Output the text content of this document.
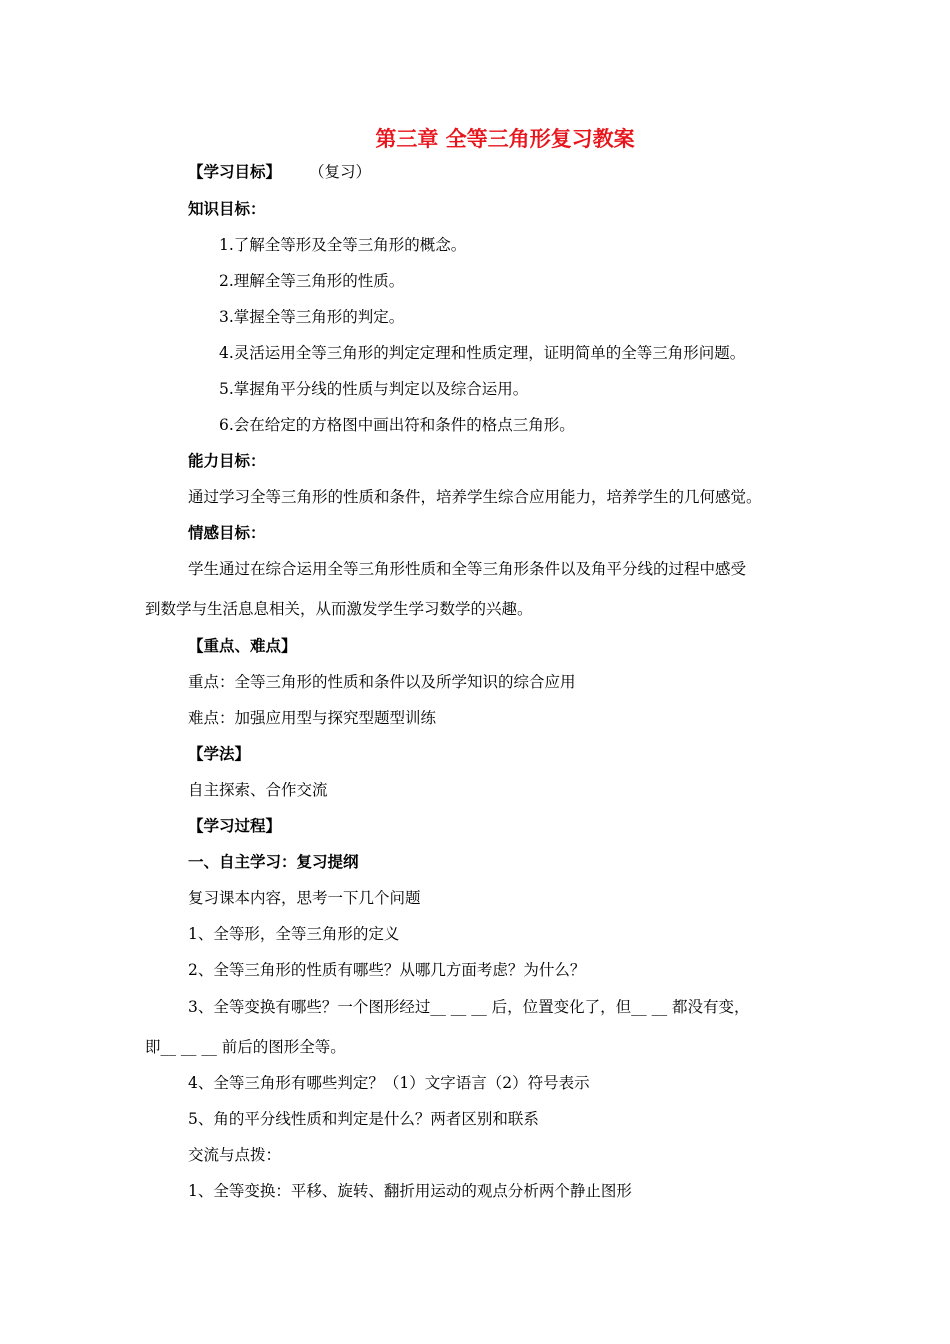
第三章 全等三角形复习教案
【学习目标】 （复习）
知识目标：
1.了解全等形及全等三角形的概念。
2.理解全等三角形的性质。
3.掌握全等三角形的判定。
4.灵活运用全等三角形的判定定理和性质定理，证明简单的全等三角形问题。
5.掌握角平分线的性质与判定以及综合运用。
6.会在给定的方格图中画出符和条件的格点三角形。
能力目标：
通过学习全等三角形的性质和条件，培养学生综合应用能力，培养学生的几何感觉。
情感目标：
学生通过在综合运用全等三角形性质和全等三角形条件以及角平分线的过程中感受
到数学与生活息息相关，从而激发学生学习数学的兴趣。
【重点、难点】
重点：全等三角形的性质和条件以及所学知识的综合应用
难点：加强应用型与探究型题型训练
【学法】
自主探索、合作交流
【学习过程】
一、自主学习：复习提纲
复习课本内容，思考一下几个问题
1、全等形，全等三角形的定义
2、全等三角形的性质有哪些？从哪几方面考虑？为什么？
3、全等变换有哪些？一个图形经过__ __ __ 后，位置变化了，但__ __ 都没有变，
即__ __ __ 前后的图形全等。
4、全等三角形有哪些判定？（1）文字语言（2）符号表示
5、角的平分线性质和判定是什么？两者区别和联系
交流与点拨：
1、全等变换：平移、旋转、翻折用运动的观点分析两个静止图形
